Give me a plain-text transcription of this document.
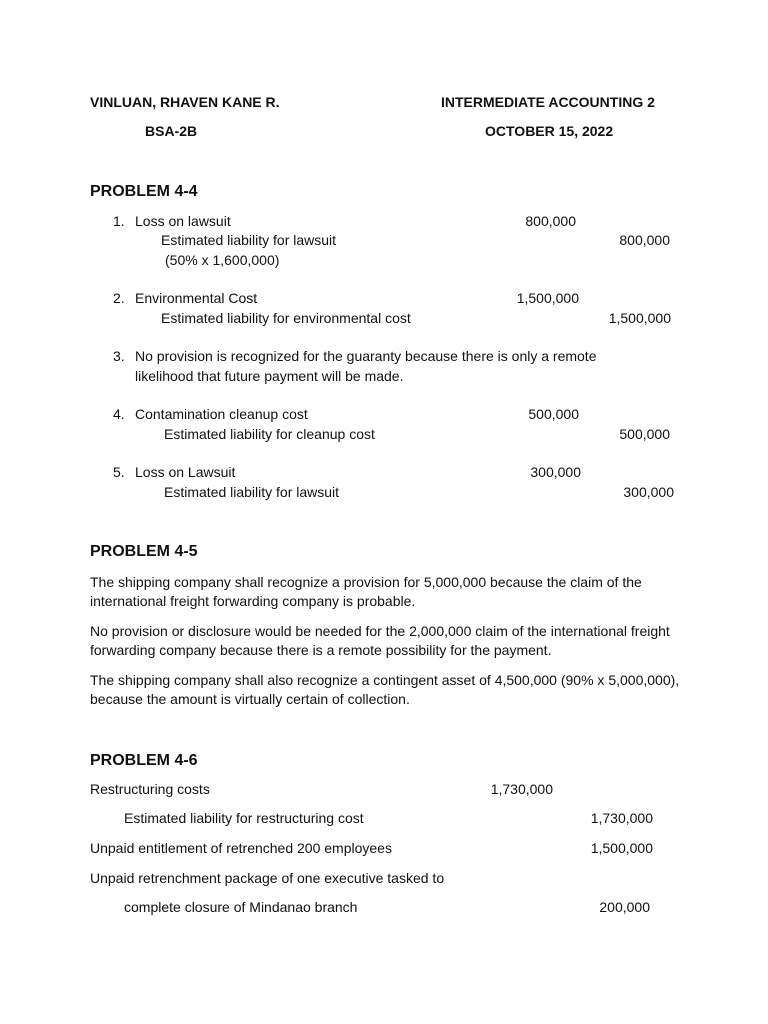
VINLUAN, RHAVEN KANE R.	INTERMEDIATE ACCOUNTING 2
BSA-2B	OCTOBER 15, 2022
PROBLEM 4-4
1. Loss on lawsuit	800,000
Estimated liability for lawsuit	800,000
(50% x 1,600,000)
2. Environmental Cost	1,500,000
Estimated liability for environmental cost	1,500,000
3. No provision is recognized for the guaranty because there is only a remote
likelihood that future payment will be made.
4. Contamination cleanup cost	500,000
Estimated liability for cleanup cost	500,000
5. Loss on Lawsuit	300,000
Estimated liability for lawsuit	300,000
PROBLEM 4-5
The shipping company shall recognize a provision for 5,000,000 because the claim of the international freight forwarding company is probable.
No provision or disclosure would be needed for the 2,000,000 claim of the international freight forwarding company because there is a remote possibility for the payment.
The shipping company shall also recognize a contingent asset of 4,500,000 (90% x 5,000,000), because the amount is virtually certain of collection.
PROBLEM 4-6
Restructuring costs	1,730,000
Estimated liability for restructuring cost	1,730,000
Unpaid entitlement of retrenched 200 employees	1,500,000
Unpaid retrenchment package of one executive tasked to
complete closure of Mindanao branch	200,000
